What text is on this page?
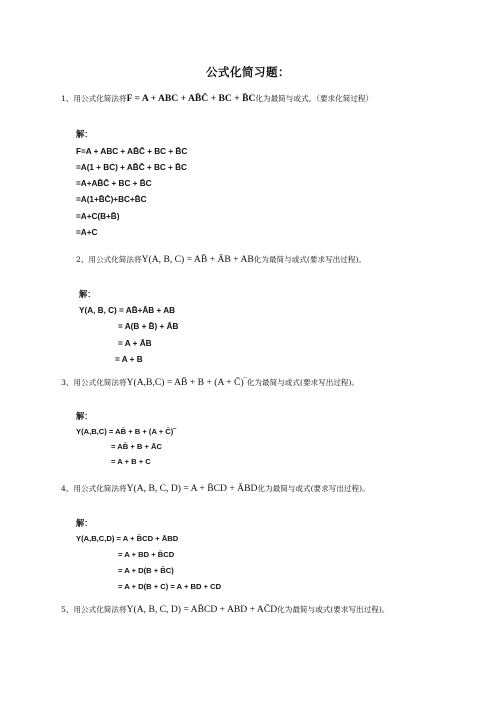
公式化简习题：
1、用公式化简法将F = A + ABC + AB̄C̄ + BC + B̄C化为最简与或式。（要求化简过程）
解：
F=A + ABC + AB̄C̄ + BC + B̄C
=A(1 + BC) + AB̄C̄ + BC + B̄C
=A+AB̄C̄ + BC + B̄C
=A(1+B̄C̄)+BC+B̄C
=A+C(B+B̄)
=A+C
2、用公式化简法将Y(A, B, C) = AB̄ + ĀB + AB化为最简与或式(要求写出过程)。
解：
Y(A, B, C) = AB̄+ĀB + AB
= A(B + B̄) + ĀB
= A + ĀB
= A + B
3、用公式化简法将Y(A,B,C) = AB̄ + B + (A + C̄)‾化为最简与或式(要求写出过程)。
解：
Y(A,B,C) = AB̄ + B + (A + C̄)‾
= AB̄ + B + ĀC
= A + B + C
4、用公式化简法将Y(A, B, C, D) = A + B̄CD + ĀBD化为最简与或式(要求写出过程)。
解：
Y(A,B,C,D) = A + B̄CD + ĀBD
= A + BD + B̄CD
= A + D(B + B̄C)
= A + D(B + C) = A + BD + CD
5、用公式化简法将Y(A, B, C, D) = AB̄CD + ABD + AC̄D化为最简与或式(要求写出过程)。
